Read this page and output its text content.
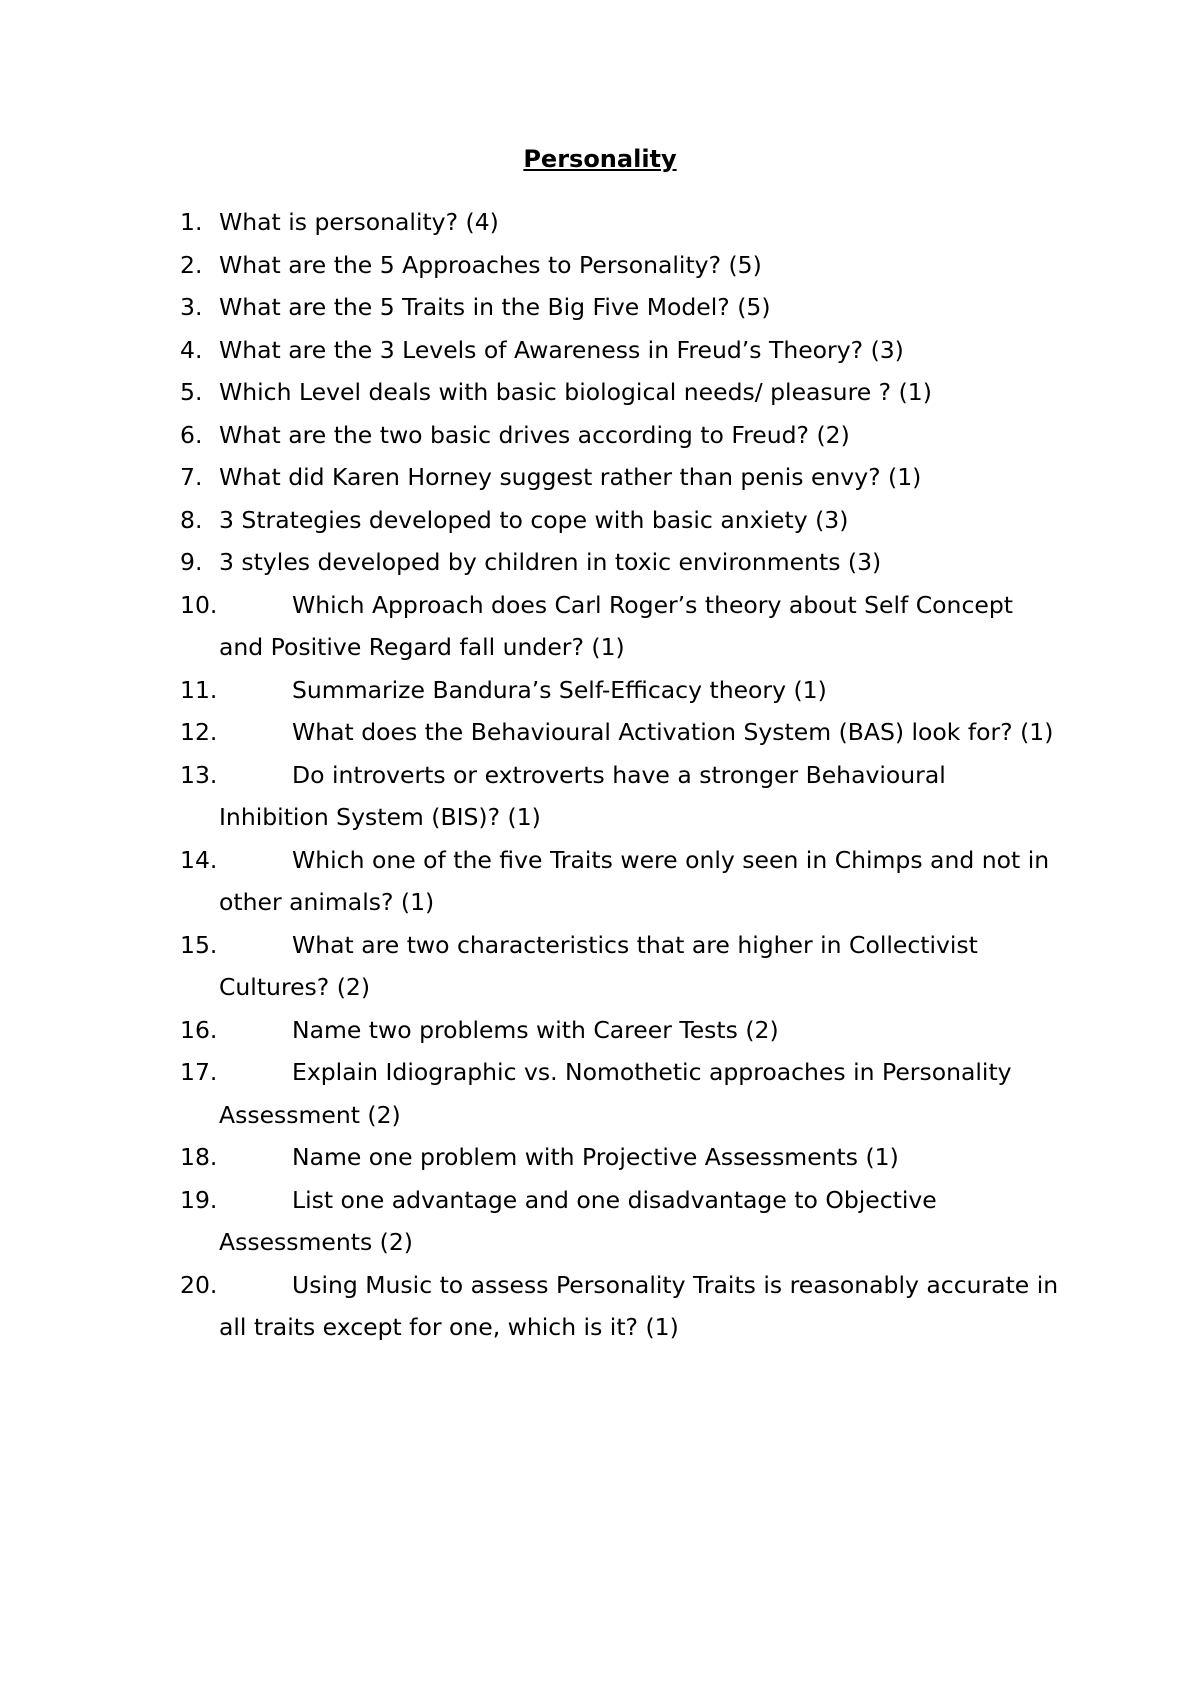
Personality
1. What is personality? (4)
2. What are the 5 Approaches to Personality? (5)
3. What are the 5 Traits in the Big Five Model? (5)
4. What are the 3 Levels of Awareness in Freud’s Theory? (3)
5. Which Level deals with basic biological needs/ pleasure ? (1)
6. What are the two basic drives according to Freud? (2)
7. What did Karen Horney suggest rather than penis envy? (1)
8. 3 Strategies developed to cope with basic anxiety (3)
9. 3 styles developed by children in toxic environments (3)
10.	Which Approach does Carl Roger’s theory about Self Concept and Positive Regard fall under? (1)
11.	Summarize Bandura’s Self-Efficacy theory (1)
12.	What does the Behavioural Activation System (BAS) look for? (1)
13.	Do introverts or extroverts have a stronger Behavioural Inhibition System (BIS)? (1)
14.	Which one of the five Traits were only seen in Chimps and not in other animals? (1)
15.	What are two characteristics that are higher in Collectivist Cultures? (2)
16.	Name two problems with Career Tests (2)
17.	Explain Idiographic vs. Nomothetic approaches in Personality Assessment (2)
18.	Name one problem with Projective Assessments (1)
19.	List one advantage and one disadvantage to Objective Assessments (2)
20.	Using Music to assess Personality Traits is reasonably accurate in all traits except for one, which is it? (1)
